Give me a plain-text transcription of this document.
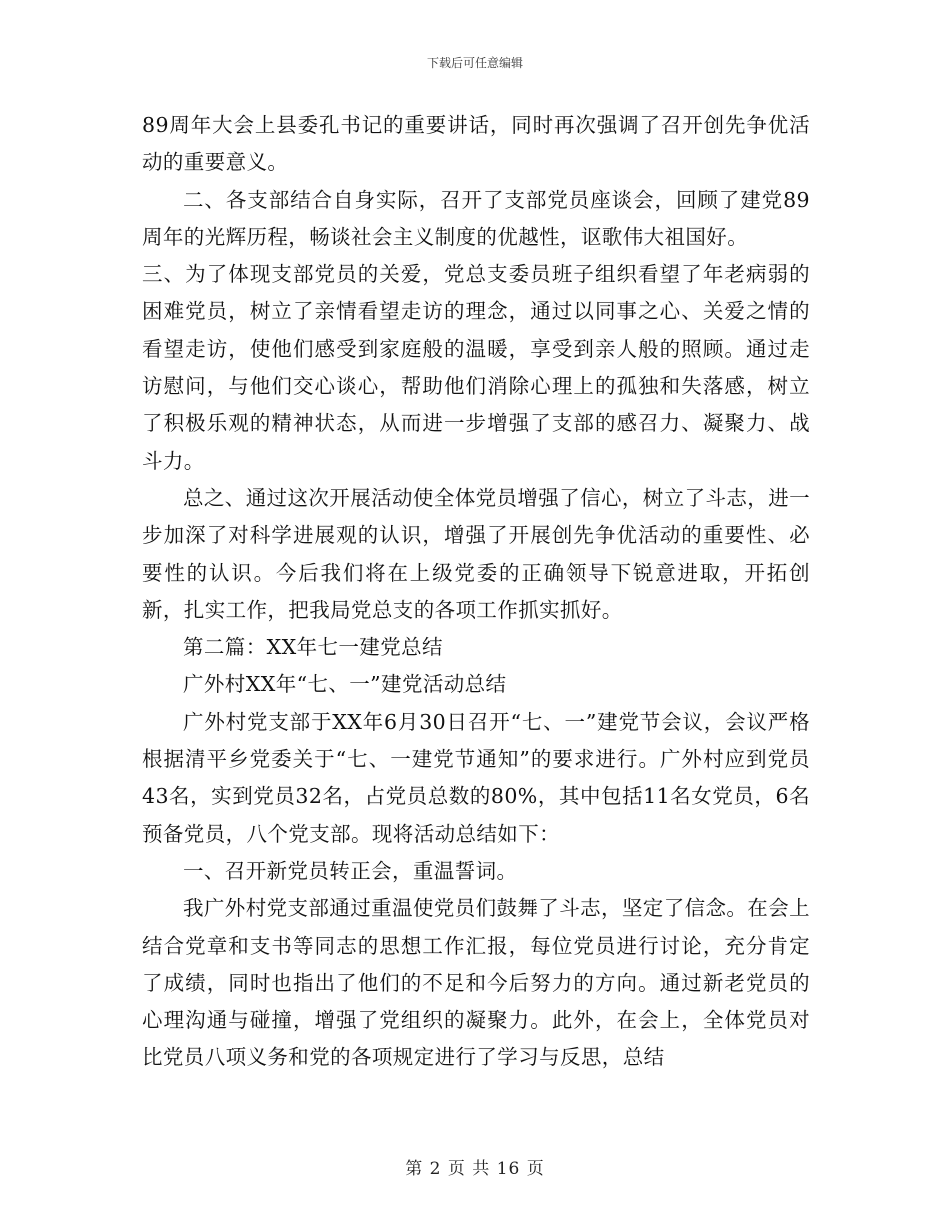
下载后可任意编辑

89周年大会上县委孔书记的重要讲话，同时再次强调了召开创先争优活动的重要意义。

二、各支部结合自身实际，召开了支部党员座谈会，回顾了建党89周年的光辉历程，畅谈社会主义制度的优越性，讴歌伟大祖国好。

三、为了体现支部党员的关爱，党总支委员班子组织看望了年老病弱的困难党员，树立了亲情看望走访的理念，通过以同事之心、关爱之情的看望走访，使他们感受到家庭般的温暖，享受到亲人般的照顾。通过走访慰问，与他们交心谈心，帮助他们消除心理上的孤独和失落感，树立了积极乐观的精神状态，从而进一步增强了支部的感召力、凝聚力、战斗力。

总之、通过这次开展活动使全体党员增强了信心，树立了斗志，进一步加深了对科学进展观的认识，增强了开展创先争优活动的重要性、必要性的认识。今后我们将在上级党委的正确领导下锐意进取，开拓创新，扎实工作，把我局党总支的各项工作抓实抓好。

第二篇：XX年七一建党总结

广外村XX年“七、一”建党活动总结

广外村党支部于XX年6月30日召开“七、一”建党节会议，会议严格根据清平乡党委关于“七、一建党节通知”的要求进行。广外村应到党员43名，实到党员32名，占党员总数的80%，其中包括11名女党员，6名预备党员，八个党支部。现将活动总结如下：

一、召开新党员转正会，重温誓词。

我广外村党支部通过重温使党员们鼓舞了斗志，坚定了信念。在会上结合党章和支书等同志的思想工作汇报，每位党员进行讨论，充分肯定了成绩，同时也指出了他们的不足和今后努力的方向。通过新老党员的心理沟通与碰撞，增强了党组织的凝聚力。此外，在会上，全体党员对比党员八项义务和党的各项规定进行了学习与反思，总结

第 2 页 共 16 页
